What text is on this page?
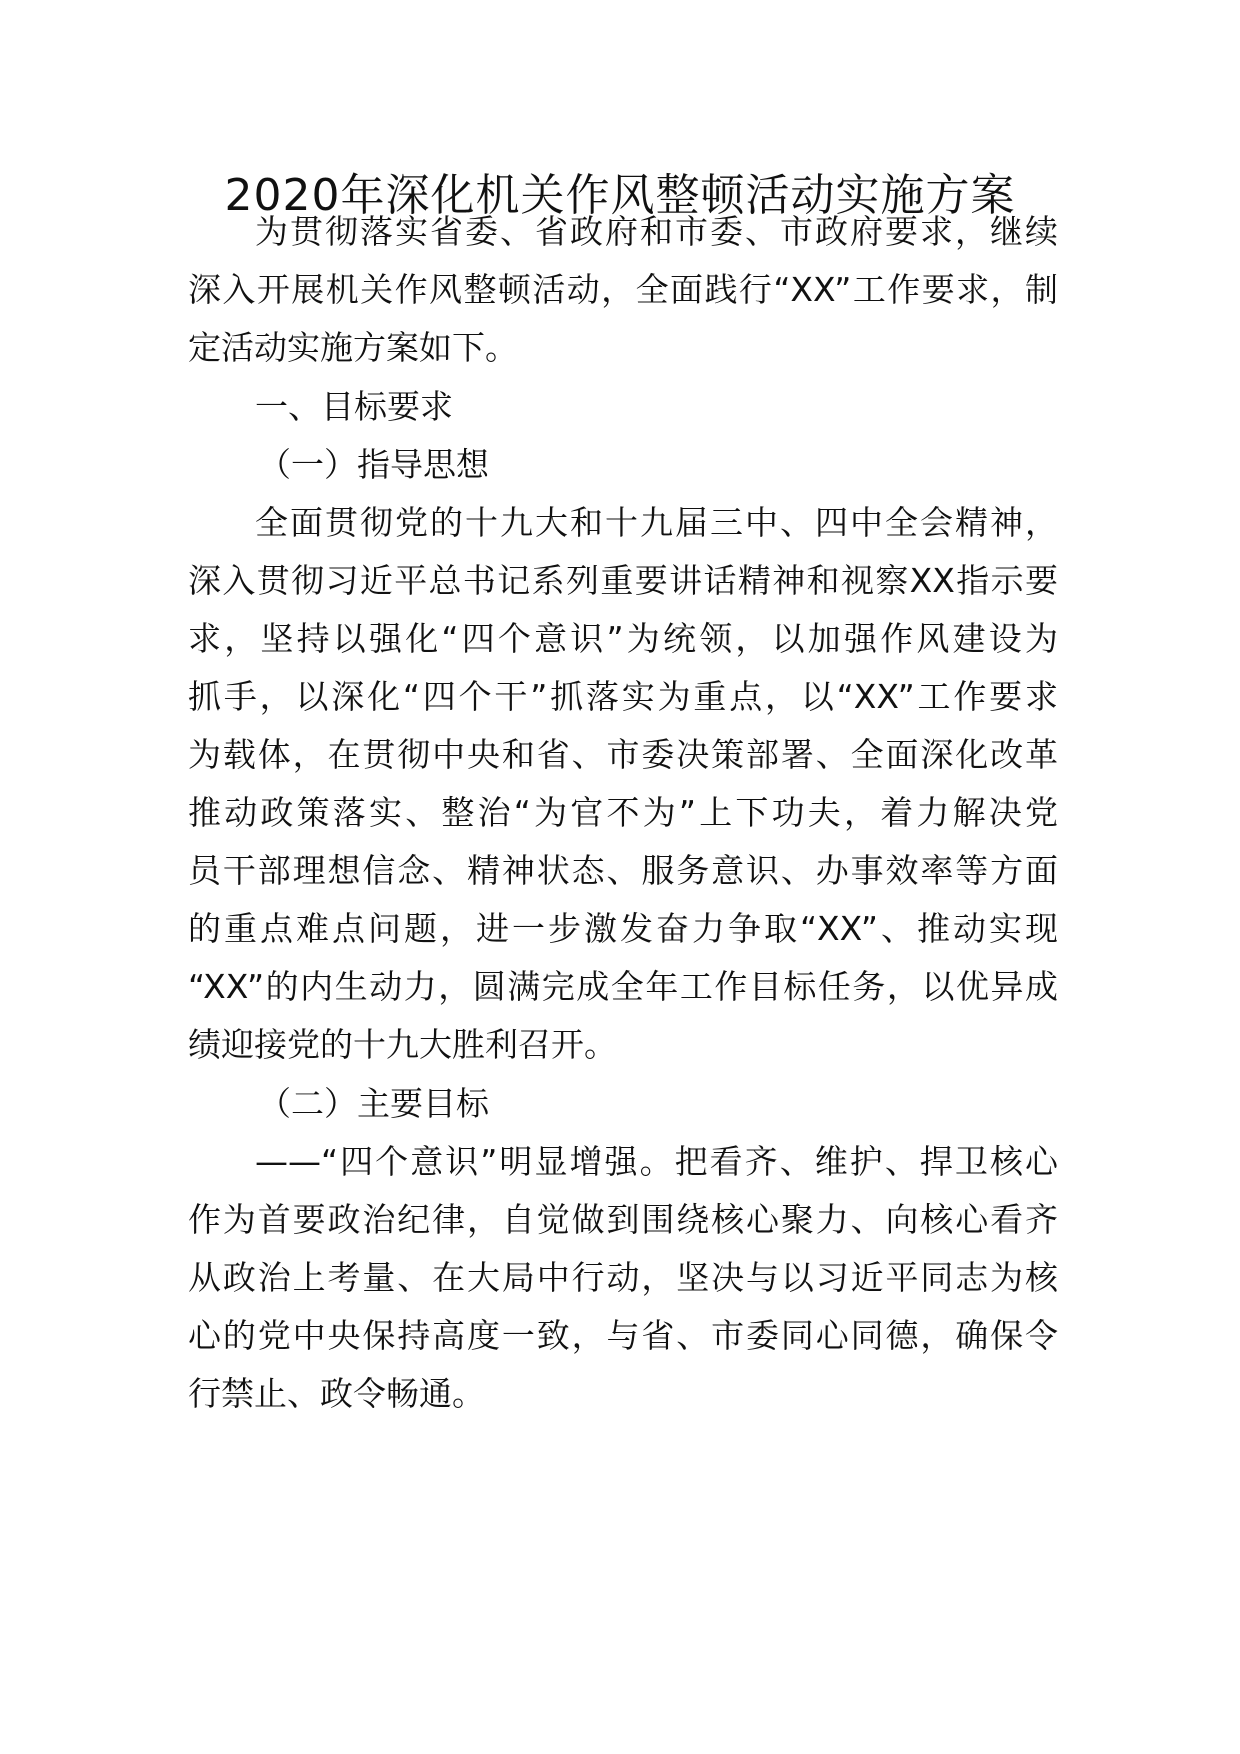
2020年深化机关作风整顿活动实施方案
为贯彻落实省委、省政府和市委、市政府要求，继续
深入开展机关作风整顿活动，全面践行“XX”工作要求，制
定活动实施方案如下。
一、目标要求
（一）指导思想
全面贯彻党的十九大和十九届三中、四中全会精神，
深入贯彻习近平总书记系列重要讲话精神和视察XX指示要
求，坚持以强化“四个意识”为统领，以加强作风建设为
抓手，以深化“四个干”抓落实为重点，以“XX”工作要求
为载体，在贯彻中央和省、市委决策部署、全面深化改革
推动政策落实、整治“为官不为”上下功夫，着力解决党
员干部理想信念、精神状态、服务意识、办事效率等方面
的重点难点问题，进一步激发奋力争取“XX”、推动实现
“XX”的内生动力，圆满完成全年工作目标任务，以优异成
绩迎接党的十九大胜利召开。
（二）主要目标
——“四个意识”明显增强。把看齐、维护、捍卫核心
作为首要政治纪律，自觉做到围绕核心聚力、向核心看齐
从政治上考量、在大局中行动，坚决与以习近平同志为核
心的党中央保持高度一致，与省、市委同心同德，确保令
行禁止、政令畅通。
